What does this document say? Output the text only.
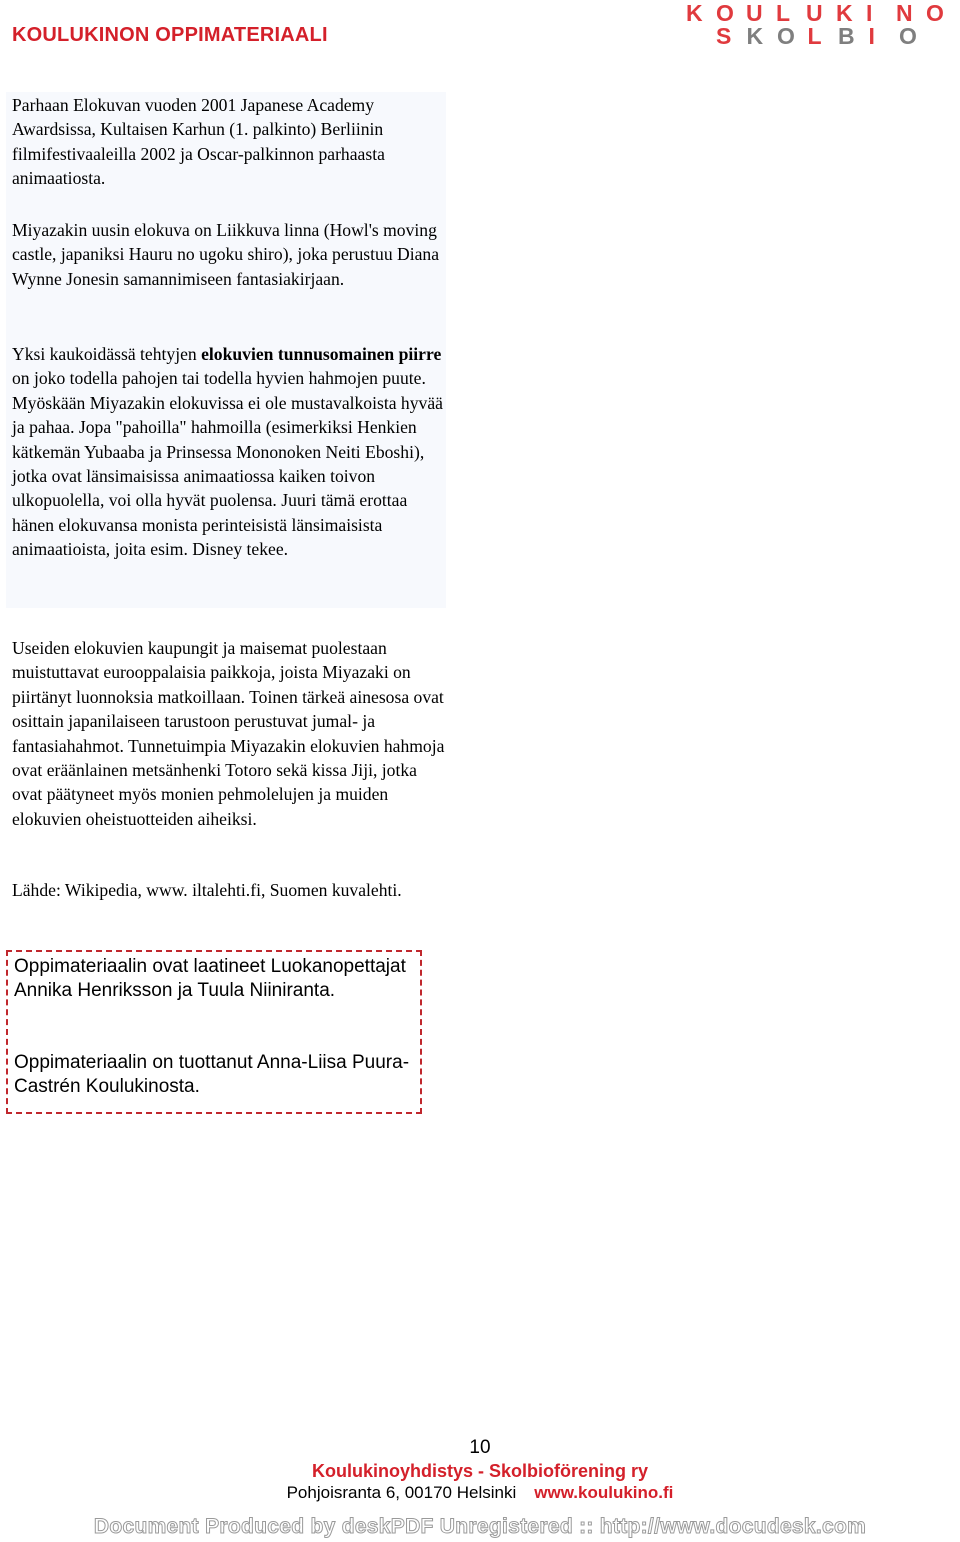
KOULUKINON OPPIMATERIAALI
K O U L U K I	N O
S K O L B I	O

Parhaan Elokuvan vuoden 2001 Japanese Academy Awardsissa, Kultaisen Karhun (1. palkinto) Berliinin filmifestivaaleilla 2002 ja Oscar-palkinnon parhaasta animaatiosta.

Miyazakin uusin elokuva on Liikkuva linna (Howl's moving castle, japaniksi Hauru no ugoku shiro), joka perustuu Diana Wynne Jonesin samannimiseen fantasiakirjaan.

Yksi kaukoidässä tehtyjen elokuvien tunnusomainen piirre on joko todella pahojen tai todella hyvien hahmojen puute. Myöskään Miyazakin elokuvissa ei ole mustavalkoista hyvää ja pahaa. Jopa "pahoilla" hahmoilla (esimerkiksi Henkien kätkemän Yubaaba ja Prinsessa Mononoken Neiti Eboshi), jotka ovat länsimaisissa animaatiossa kaiken toivon ulkopuolella, voi olla hyvät puolensa. Juuri tämä erottaa hänen elokuvansa monista perinteisistä länsimaisista animaatioista, joita esim. Disney tekee.

Useiden elokuvien kaupungit ja maisemat puolestaan muistuttavat eurooppalaisia paikkoja, joista Miyazaki on piirtänyt luonnoksia matkoillaan. Toinen tärkeä ainesosa ovat osittain japanilaiseen tarustoon perustuvat jumal- ja fantasiahahmot. Tunnetuimpia Miyazakin elokuvien hahmoja ovat eräänlainen metsänhenki Totoro sekä kissa Jiji, jotka ovat päätyneet myös monien pehmolelujen ja muiden elokuvien oheistuotteiden aiheiksi.

Lähde: Wikipedia, www. iltalehti.fi, Suomen kuvalehti.

Oppimateriaalin ovat laatineet Luokanopettajat Annika Henriksson ja Tuula Niiniranta.

Oppimateriaalin on tuottanut Anna-Liisa Puura-Castrén Koulukinosta.

10
Koulukinoyhdistys - Skolbioförening ry
Pohjoisranta 6, 00170 Helsinki www.koulukino.fi
Document Produced by deskPDF Unregistered :: http://www.docudesk.com
